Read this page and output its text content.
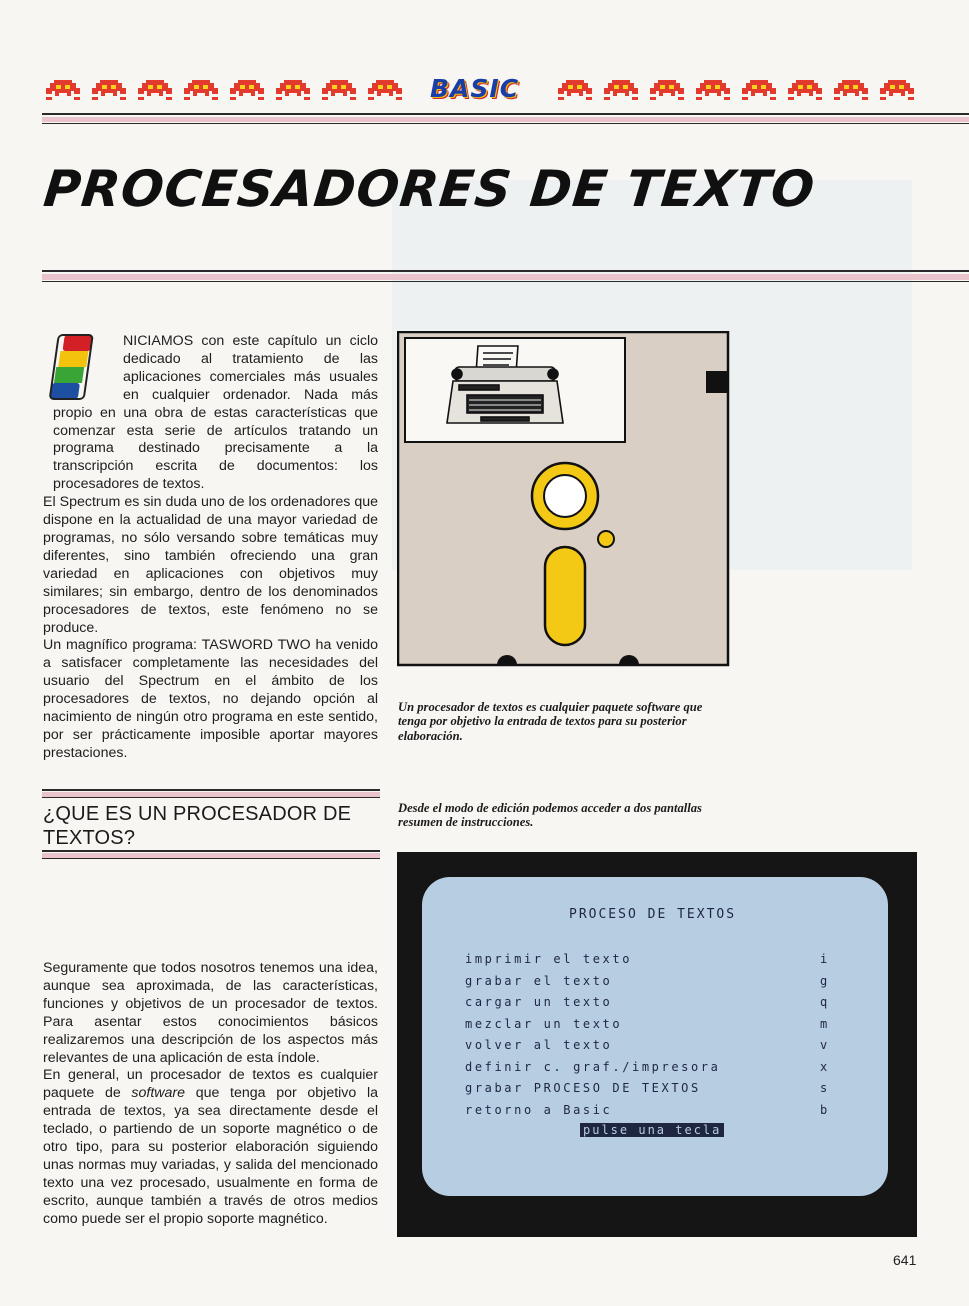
BASIC
PROCESADORES DE TEXTO

NICIAMOS con este capítulo un ciclo dedicado al tratamiento de las aplicaciones comerciales más usuales en cualquier ordenador. Nada más propio en una obra de estas características que comenzar esta serie de artículos tratando un programa destinado precisamente a la transcripción escrita de documentos: los procesadores de textos.

El Spectrum es sin duda uno de los ordenadores que dispone en la actualidad de una mayor variedad de programas, no sólo versando sobre temáticas muy diferentes, sino también ofreciendo una gran variedad en aplicaciones con objetivos muy similares; sin embargo, dentro de los denominados procesadores de textos, este fenómeno no se produce.

Un magnífico programa: TASWORD TWO ha venido a satisfacer completamente las necesidades del usuario del Spectrum en el ámbito de los procesadores de textos, no dejando opción al nacimiento de ningún otro programa en este sentido, por ser prácticamente imposible aportar mayores prestaciones.

¿QUE ES UN PROCESADOR DE TEXTOS?

Seguramente que todos nosotros tenemos una idea, aunque sea aproximada, de las características, funciones y objetivos de un procesador de textos. Para asentar estos conocimientos básicos realizaremos una descripción de los aspectos más relevantes de una aplicación de esta índole.

En general, un procesador de textos es cualquier paquete de software que tenga por objetivo la entrada de textos, ya sea directamente desde el teclado, o partiendo de un soporte magnético o de otro tipo, para su posterior elaboración siguiendo unas normas muy variadas, y salida del mencionado texto una vez procesado, usualmente en forma de escrito, aunque también a través de otros medios como puede ser el propio soporte magnético.

Un procesador de textos es cualquier paquete software que tenga por objetivo la entrada de textos para su posterior elaboración.
Desde el modo de edición podemos acceder a dos pantallas resumen de instrucciones.
PROCESO DE TEXTOS
imprimir el texto	i
grabar el texto	g
cargar un texto	q
mezclar un texto	m
volver al texto	v
definir c. graf./impresora	x
grabar PROCESO DE TEXTOS	s
retorno a Basic	b
pulse una tecla
641
